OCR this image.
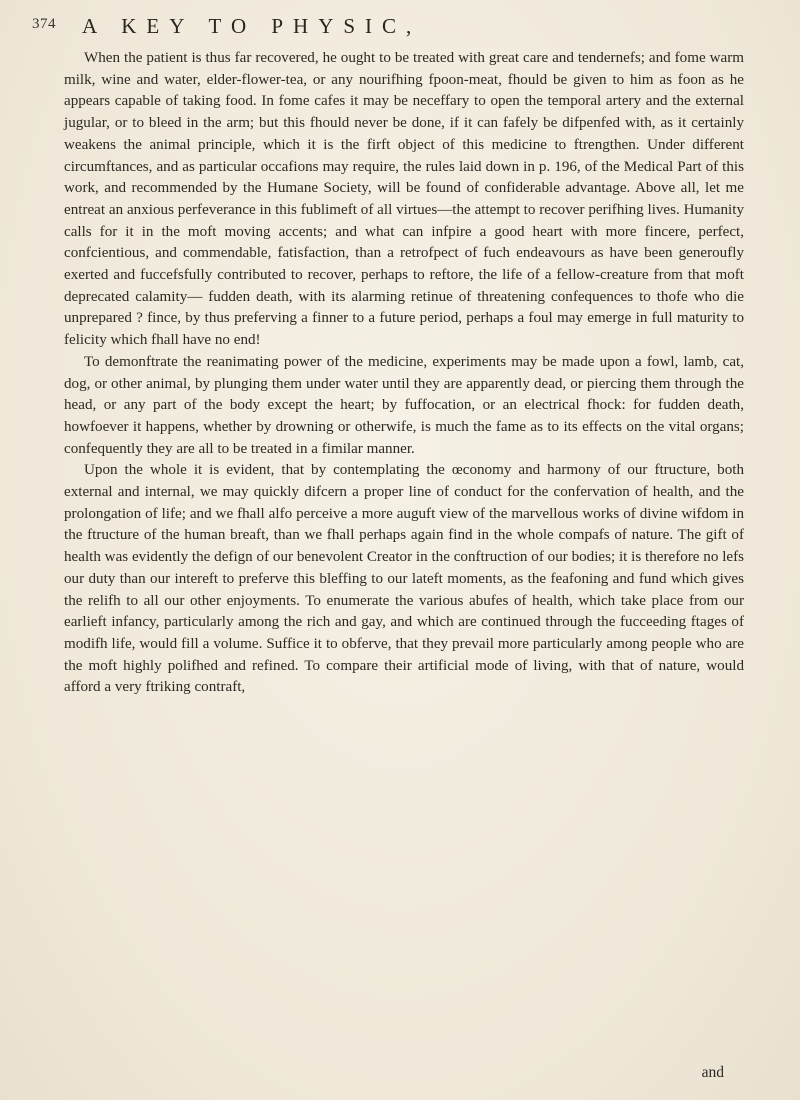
374 A KEY TO PHYSIC,

When the patient is thus far recovered, he ought to be treated with great care and tendernefs; and fome warm milk, wine and water, elder-flower-tea, or any nourifhing fpoon-meat, fhould be given to him as foon as he appears capable of taking food. In fome cafes it may be neceffary to open the temporal artery and the external jugular, or to bleed in the arm; but this fhould never be done, if it can fafely be difpenfed with, as it certainly weakens the animal principle, which it is the firft object of this medicine to ftrengthen. Under different circumftances, and as particular occafions may require, the rules laid down in p. 196, of the Medical Part of this work, and recommended by the Humane Society, will be found of confiderable advantage. Above all, let me entreat an anxious perfeverance in this fublimeft of all virtues—the attempt to recover perifhing lives. Humanity calls for it in the moft moving accents; and what can infpire a good heart with more fincere, perfect, confcientious, and commendable, fatisfaction, than a retrofpect of fuch endeavours as have been generoufly exerted and fuccefsfully contributed to recover, perhaps to reftore, the life of a fellow-creature from that moft deprecated calamity— fudden death, with its alarming retinue of threatening confequences to thofe who die unprepared ? fince, by thus preferving a finner to a future period, perhaps a foul may emerge in full maturity to felicity which fhall have no end!

To demonftrate the reanimating power of the medicine, experiments may be made upon a fowl, lamb, cat, dog, or other animal, by plunging them under water until they are apparently dead, or piercing them through the head, or any part of the body except the heart; by fuffocation, or an electrical fhock: for fudden death, howfoever it happens, whether by drowning or otherwife, is much the fame as to its effects on the vital organs; confequently they are all to be treated in a fimilar manner.

Upon the whole it is evident, that by contemplating the œconomy and harmony of our ftructure, both external and internal, we may quickly difcern a proper line of conduct for the confervation of health, and the prolongation of life; and we fhall alfo perceive a more auguft view of the marvellous works of divine wifdom in the ftructure of the human breaft, than we fhall perhaps again find in the whole compafs of nature. The gift of health was evidently the defign of our benevolent Creator in the conftruction of our bodies; it is therefore no lefs our duty than our intereft to preferve this bleffing to our lateft moments, as the feafoning and fund which gives the relifh to all our other enjoyments. To enumerate the various abufes of health, which take place from our earlieft infancy, particularly among the rich and gay, and which are continued through the fucceeding ftages of modifh life, would fill a volume. Suffice it to obferve, that they prevail more particularly among people who are the moft highly polifhed and refined. To compare their artificial mode of living, with that of nature, would afford a very ftriking contraft,

and
